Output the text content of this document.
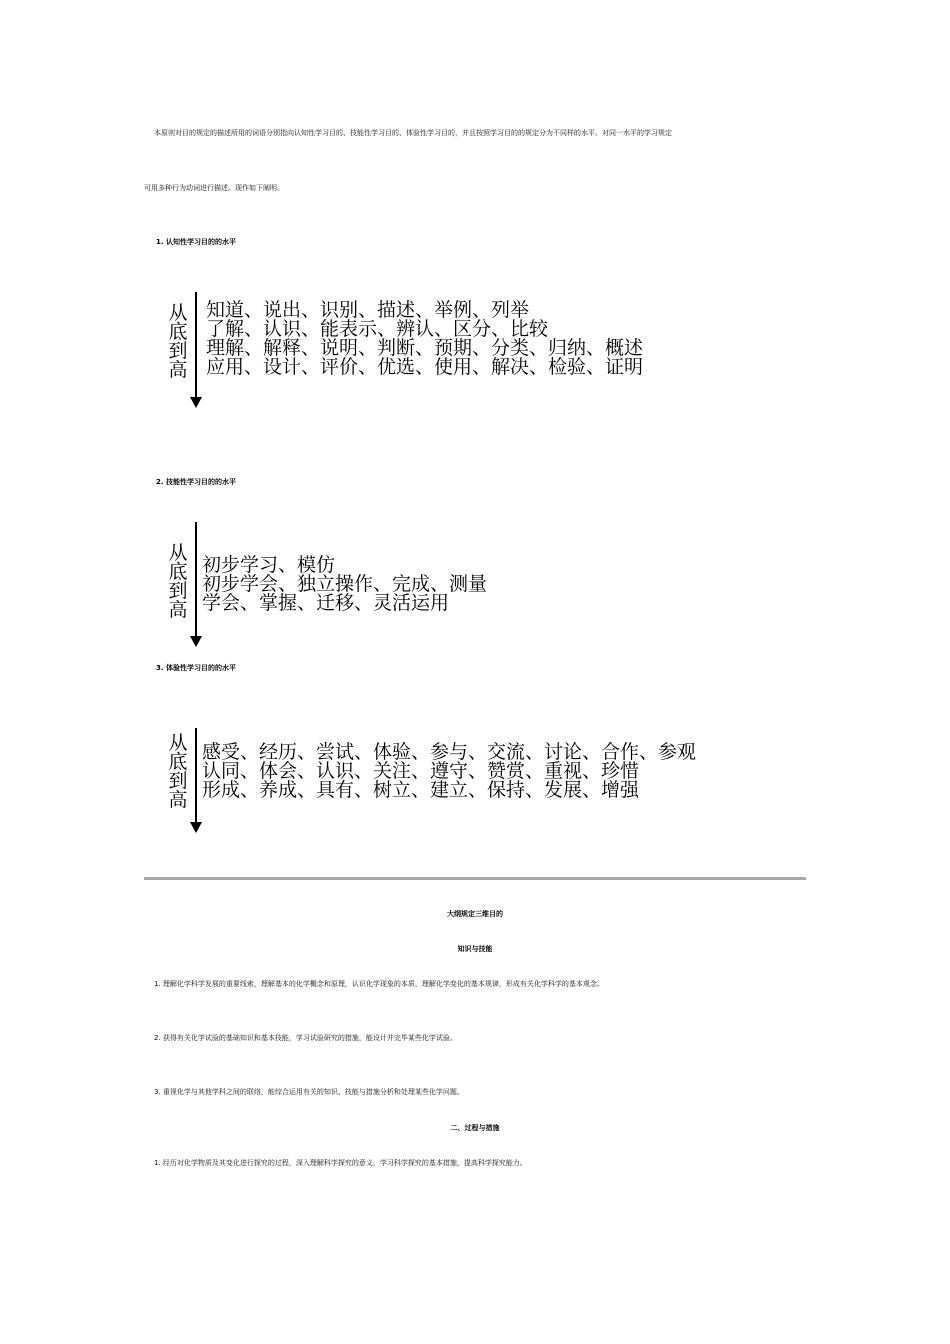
本原则对目的规定的描述所用的词语分别指向认知性学习目的、技能性学习目的、体验性学习目的，并且按照学习目的的规定分为不同样的水平。对同一水平的学习规定
可用多种行为动词进行描述。现作如下阐明。
1. 认知性学习目的的水平
从
底
到
高
知道、说出、识别、描述、举例、列举
了解、认识、能表示、辨认、区分、比较
理解、解释、说明、判断、预期、分类、归纳、概述
应用、设计、评价、优选、使用、解决、检验、证明
2. 技能性学习目的的水平
从
底
到
高
初步学习、模仿
初步学会、独立操作、完成、测量
学会、掌握、迁移、灵活运用
3. 体验性学习目的的水平
从
底
到
高
感受、经历、尝试、体验、参与、交流、讨论、合作、参观
认同、体会、认识、关注、遵守、赞赏、重视、珍惜
形成、养成、具有、树立、建立、保持、发展、增强
大纲规定三维目的
知识与技能
1. 理解化学科学发展的重要线索，理解基本的化学概念和原理，认识化学现象的本质，理解化学变化的基本规律，形成有关化学科学的基本观念。
2. 获得有关化学试验的基础知识和基本技能，学习试验研究的措施，能设计并完毕某些化学试验。
3. 重视化学与其他学科之间的联络，能综合运用有关的知识、技能与措施分析和处理某些化学问题。
二、过程与措施
1. 经历对化学物质及其变化进行探究的过程，深入理解科学探究的意义，学习科学探究的基本措施，提高科学探究能力。
